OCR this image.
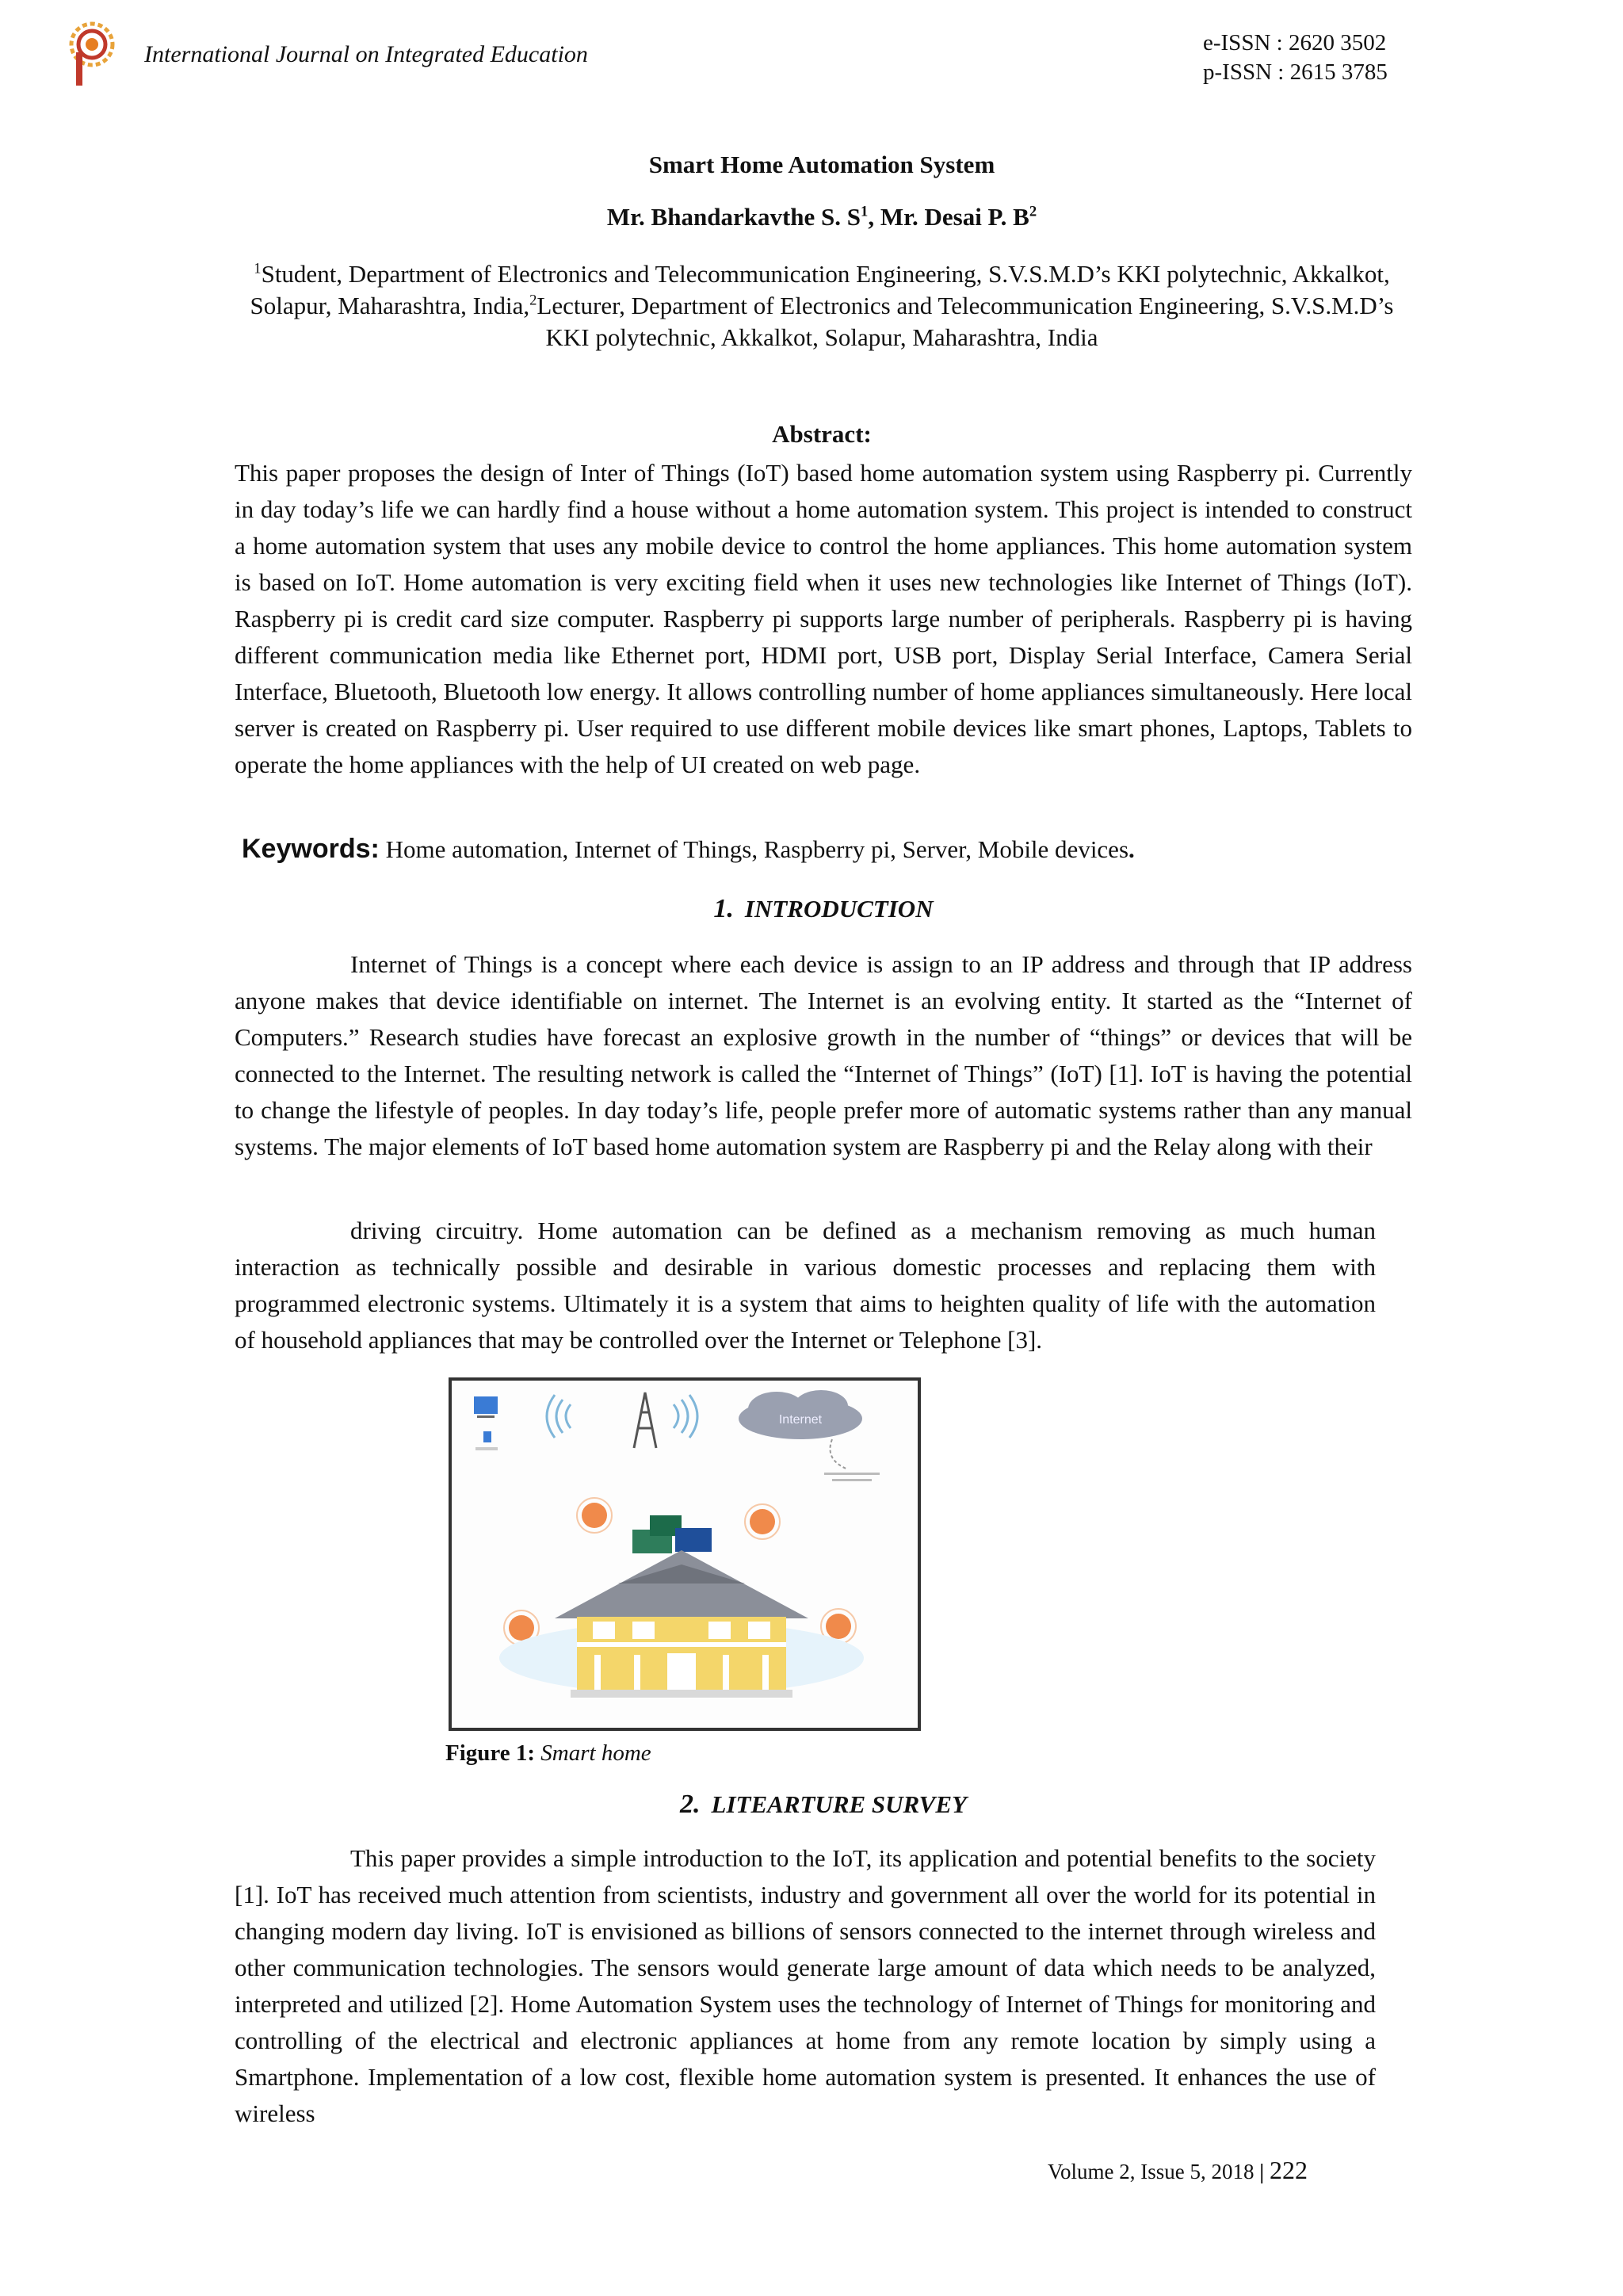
International Journal on Integrated Education	e-ISSN : 2620 3502
p-ISSN : 2615 3785
Smart Home Automation System
Mr. Bhandarkavthe S. $S^1$, Mr. Desai P. $B^2$
$^1$Student, Department of Electronics and Telecommunication Engineering, S.V.S.M.D’s KKI polytechnic, Akkalkot, Solapur, Maharashtra, India,$^2$Lecturer, Department of Electronics and Telecommunication Engineering, S.V.S.M.D’s KKI polytechnic, Akkalkot, Solapur, Maharashtra, India
Abstract:
This paper proposes the design of Inter of Things (IoT) based home automation system using Raspberry pi. Currently in day today’s life we can hardly find a house without a home automation system. This project is intended to construct a home automation system that uses any mobile device to control the home appliances. This home automation system is based on IoT. Home automation is very exciting field when it uses new technologies like Internet of Things (IoT). Raspberry pi is credit card size computer. Raspberry pi supports large number of peripherals. Raspberry pi is having different communication media like Ethernet port, HDMI port, USB port, Display Serial Interface, Camera Serial Interface, Bluetooth, Bluetooth low energy. It allows controlling number of home appliances simultaneously. Here local server is created on Raspberry pi. User required to use different mobile devices like smart phones, Laptops, Tablets to operate the home appliances with the help of UI created on web page.
Keywords: Home automation, Internet of Things, Raspberry pi, Server, Mobile devices.
1. INTRODUCTION
Internet of Things is a concept where each device is assign to an IP address and through that IP address anyone makes that device identifiable on internet. The Internet is an evolving entity. It started as the “Internet of Computers.” Research studies have forecast an explosive growth in the number of “things” or devices that will be connected to the Internet. The resulting network is called the “Internet of Things” (IoT) [1]. IoT is having the potential to change the lifestyle of peoples. In day today’s life, people prefer more of automatic systems rather than any manual systems. The major elements of IoT based home automation system are Raspberry pi and the Relay along with their
driving circuitry. Home automation can be defined as a mechanism removing as much human interaction as technically possible and desirable in various domestic processes and replacing them with programmed electronic systems. Ultimately it is a system that aims to heighten quality of life with the automation of household appliances that may be controlled over the Internet or Telephone [3].
Internet
Figure 1: Smart home
2. LITEARTURE SURVEY
This paper provides a simple introduction to the IoT, its application and potential benefits to the society [1]. IoT has received much attention from scientists, industry and government all over the world for its potential in changing modern day living. IoT is envisioned as billions of sensors connected to the internet through wireless and other communication technologies. The sensors would generate large amount of data which needs to be analyzed, interpreted and utilized [2]. Home Automation System uses the technology of Internet of Things for monitoring and controlling of the electrical and electronic appliances at home from any remote location by simply using a Smartphone. Implementation of a low cost, flexible home automation system is presented. It enhances the use of wireless
Volume 2, Issue 5, 2018 | 222
